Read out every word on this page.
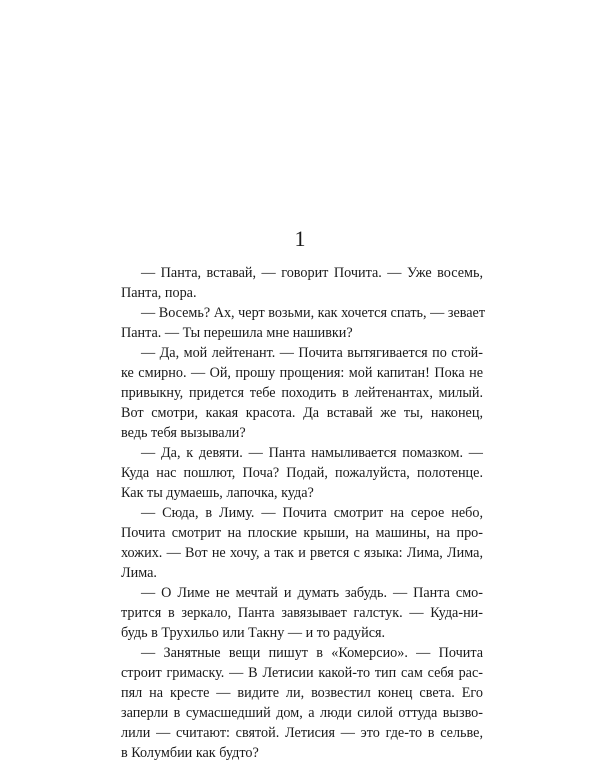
1
— Панта, вставай, — говорит Почита. — Уже восемь,
Панта, пора.
— Восемь? Ах, черт возьми, как хочется спать, — зевает
Панта. — Ты перешила мне нашивки?
— Да, мой лейтенант. — Почита вытягивается по стой-
ке смирно. — Ой, прошу прощения: мой капитан! Пока не
привыкну, придется тебе походить в лейтенантах, милый.
Вот смотри, какая красота. Да вставай же ты, наконец,
ведь тебя вызывали?
— Да, к девяти. — Панта намыливается помазком. —
Куда нас пошлют, Поча? Подай, пожалуйста, полотенце.
Как ты думаешь, лапочка, куда?
— Сюда, в Лиму. — Почита смотрит на серое небо,
Почита смотрит на плоские крыши, на машины, на про-
хожих. — Вот не хочу, а так и рвется с языка: Лима, Лима,
Лима.
— О Лиме не мечтай и думать забудь. — Панта смо-
трится в зеркало, Панта завязывает галстук. — Куда-ни-
будь в Трухильо или Такну — и то радуйся.
— Занятные вещи пишут в «Комерсио». — Почита
строит гримаску. — В Летисии какой-то тип сам себя рас-
пял на кресте — видите ли, возвестил конец света. Его
заперли в сумасшедший дом, а люди силой оттуда вызво-
лили — считают: святой. Летисия — это где-то в сельве,
в Колумбии как будто?
